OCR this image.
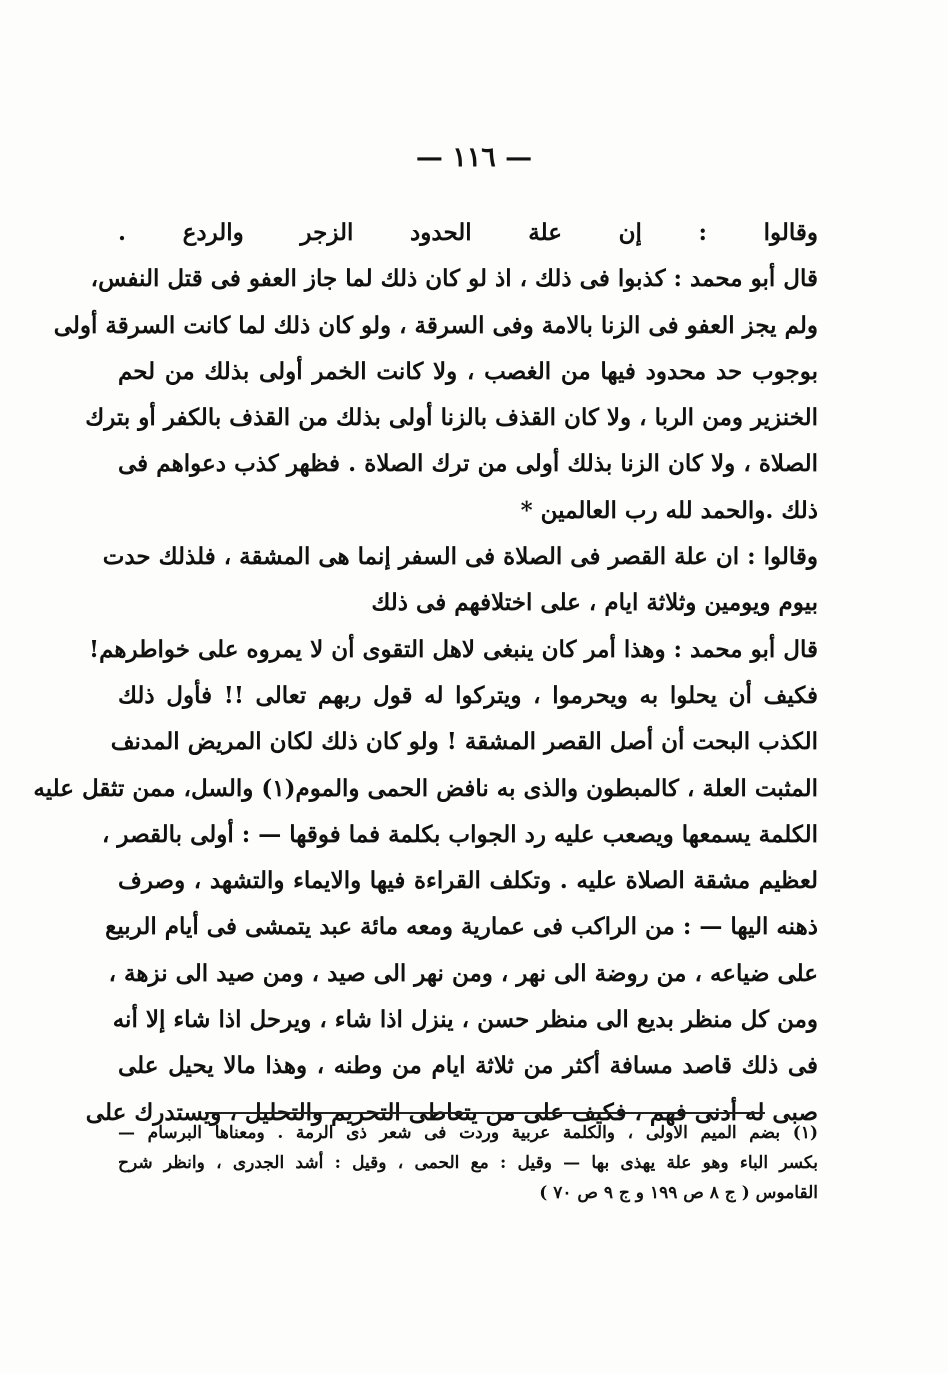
— ١١٦ —
وقالوا : إن علة الحدود الزجر والردع .
قال أبو محمد : كذبوا فى ذلك ، اذ لو كان ذلك لما جاز العفو فى قتل النفس،
ولم يجز العفو فى الزنا بالامة وفى السرقة ، ولو كان ذلك لما كانت السرقة أولى
بوجوب حد محدود فيها من الغصب ، ولا كانت الخمر أولى بذلك من لحم
الخنزير ومن الربا ، ولا كان القذف بالزنا أولى بذلك من القذف بالكفر أو بترك
الصلاة ، ولا كان الزنا بذلك أولى من ترك الصلاة . فظهر كذب دعواهم فى
ذلك .والحمد لله رب العالمين *
وقالوا : ان علة القصر فى الصلاة فى السفر إنما هى المشقة ، فلذلك حدت
بيوم ويومين وثلاثة ايام ، على اختلافهم فى ذلك
قال أبو محمد : وهذا أمر كان ينبغى لاهل التقوى أن لا يمروه على خواطرهم!
فكيف أن يحلوا به ويحرموا ، ويتركوا له قول ربهم تعالى !! فأول ذلك
الكذب البحت أن أصل القصر المشقة ! ولو كان ذلك لكان المريض المدنف
المثبت العلة ، كالمبطون والذى به نافض الحمى والموم(١) والسل، ممن تثقل عليه
الكلمة يسمعها ويصعب عليه رد الجواب بكلمة فما فوقها — : أولى بالقصر ،
لعظيم مشقة الصلاة عليه . وتكلف القراءة فيها والايماء والتشهد ، وصرف
ذهنه اليها — : من الراكب فى عمارية ومعه مائة عبد يتمشى فى أيام الربيع
على ضياعه ، من روضة الى نهر ، ومن نهر الى صيد ، ومن صيد الى نزهة ،
ومن كل منظر بديع الى منظر حسن ، ينزل اذا شاء ، ويرحل اذا شاء إلا أنه
فى ذلك قاصد مسافة أكثر من ثلاثة ايام من وطنه ، وهذا مالا يحيل على
صبى له أدنى فهم ، فكيف على من يتعاطى التحريم والتحليل ، ويستدرك على
(١) بضم الميم الاولى ، والكلمة عربية وردت فى شعر ذى الرمة . ومعناها البرسام —
بكسر الباء وهو علة يهذى بها — وقيل : مع الحمى ، وقيل : أشد الجدرى ، وانظر شرح
القاموس ( ج ٨ ص ١٩٩ و ج ٩ ص ٧٠ )
